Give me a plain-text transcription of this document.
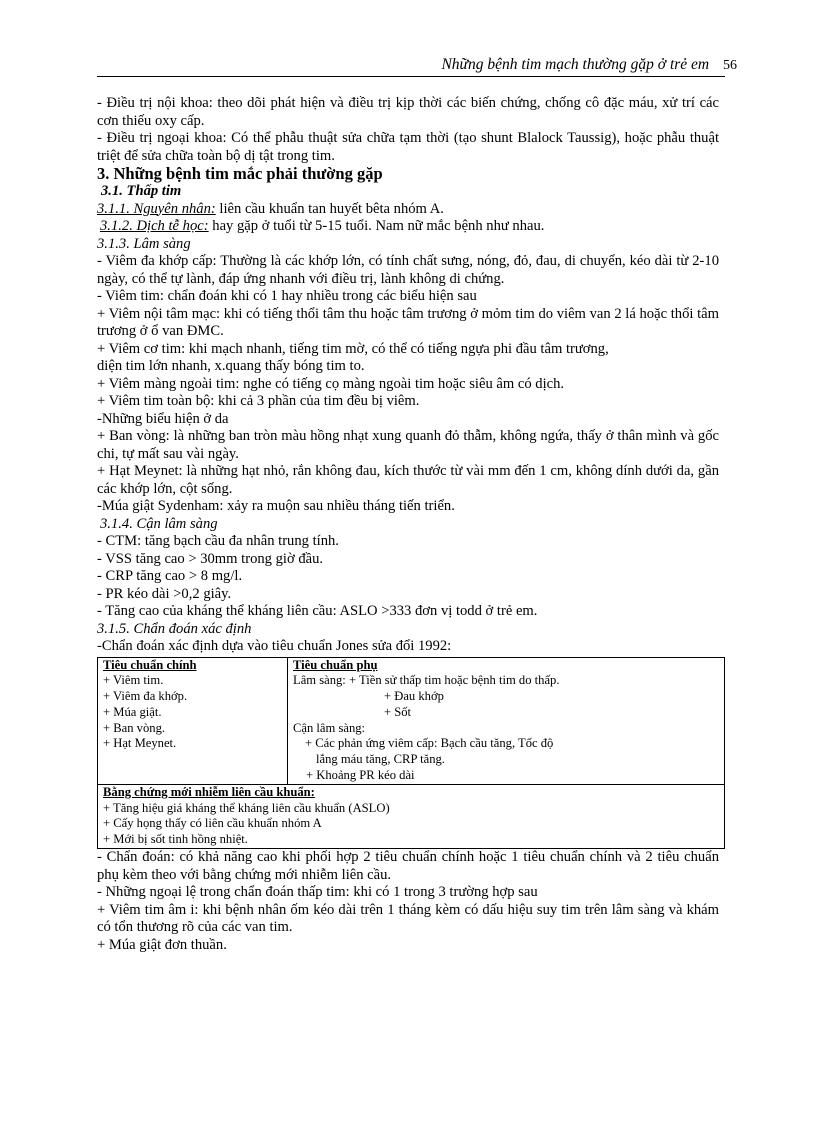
Những bệnh tim mạch thường gặp ở trẻ em 56

- Điều trị nội khoa: theo dõi phát hiện và điều trị kịp thời các biến chứng, chống cô đặc máu, xử trí các cơn thiếu oxy cấp.

- Điều trị ngoại khoa: Có thể phẫu thuật sửa chữa tạm thời (tạo shunt Blalock Taussig), hoặc phẫu thuật triệt để sửa chữa toàn bộ dị tật trong tim.

3. Những bệnh tim mắc phải thường gặp

3.1. Thấp tim

3.1.1. Nguyên nhân: liên cầu khuẩn tan huyết bêta nhóm A.

3.1.2. Dịch tễ học: hay gặp ở tuổi từ 5-15 tuổi. Nam nữ mắc bệnh như nhau.

3.1.3. Lâm sàng

- Viêm đa khớp cấp: Thường là các khớp lớn, có tính chất sưng, nóng, đỏ, đau, di chuyển, kéo dài từ 2-10 ngày, có thể tự lành, đáp ứng nhanh với điều trị, lành không di chứng.

- Viêm tim: chẩn đoán khi có 1 hay nhiều trong các biểu hiện sau

+ Viêm nội tâm mạc: khi có tiếng thổi tâm thu hoặc tâm trương ở mỏm tim do viêm van 2 lá hoặc thổi tâm trương ở ổ van ĐMC.

+ Viêm cơ tim: khi mạch nhanh, tiếng tim mờ, có thể có tiếng ngựa phi đầu tâm trương,

diện tim lớn nhanh, x.quang thấy bóng tim to.

+ Viêm màng ngoài tim: nghe có tiếng cọ màng ngoài tim hoặc siêu âm có dịch.

+ Viêm tim toàn bộ: khi cả 3 phần của tim đều bị viêm.

-Những biểu hiện ở da

+ Ban vòng: là những ban tròn màu hồng nhạt xung quanh đỏ thẫm, không ngứa, thấy ở thân mình và gốc chi, tự mất sau vài ngày.

+ Hạt Meynet: là những hạt nhỏ, rắn không đau, kích thước từ vài mm đến 1 cm, không dính dưới da, gần các khớp lớn, cột sống.

-Múa giật Sydenham: xảy ra muộn sau nhiều tháng tiến triển.

3.1.4. Cận lâm sàng

- CTM: tăng bạch cầu đa nhân trung tính.

- VSS tăng cao > 30mm trong giờ đầu.

- CRP tăng cao > 8 mg/l.

- PR kéo dài >0,2 giây.

- Tăng cao của kháng thể kháng liên cầu: ASLO >333 đơn vị todd ở trẻ em.

3.1.5. Chẩn đoán xác định

-Chẩn đoán xác định dựa vào tiêu chuẩn Jones sửa đổi 1992:

Tiêu chuẩn chính
+ Viêm tim.
+ Viêm đa khớp.
+ Múa giật.
+ Ban vòng.
+ Hạt Meynet.

Tiêu chuẩn phụ
Lâm sàng: + Tiền sử thấp tim hoặc bệnh tim do thấp.
+ Đau khớp
+ Sốt
Cận lâm sàng:
+ Các phản ứng viêm cấp: Bạch cầu tăng, Tốc độ
lắng máu tăng, CRP tăng.
+ Khoảng PR kéo dài

Bằng chứng mới nhiễm liên cầu khuẩn:
+ Tăng hiệu giá kháng thể kháng liên cầu khuẩn (ASLO)
+ Cấy họng thấy có liên cầu khuẩn nhóm A
+ Mới bị sốt tinh hồng nhiệt.

- Chẩn đoán: có khả năng cao khi phối hợp 2 tiêu chuẩn chính hoặc 1 tiêu chuẩn chính và 2 tiêu chuẩn phụ kèm theo với bằng chứng mới nhiễm liên cầu.

- Những ngoại lệ trong chẩn đoán thấp tim: khi có 1 trong 3 trường hợp sau

+ Viêm tim âm i: khi bệnh nhân ốm kéo dài trên 1 tháng kèm có dấu hiệu suy tim trên lâm sàng và khám có tổn thương rõ của các van tim.

+ Múa giật đơn thuần.
